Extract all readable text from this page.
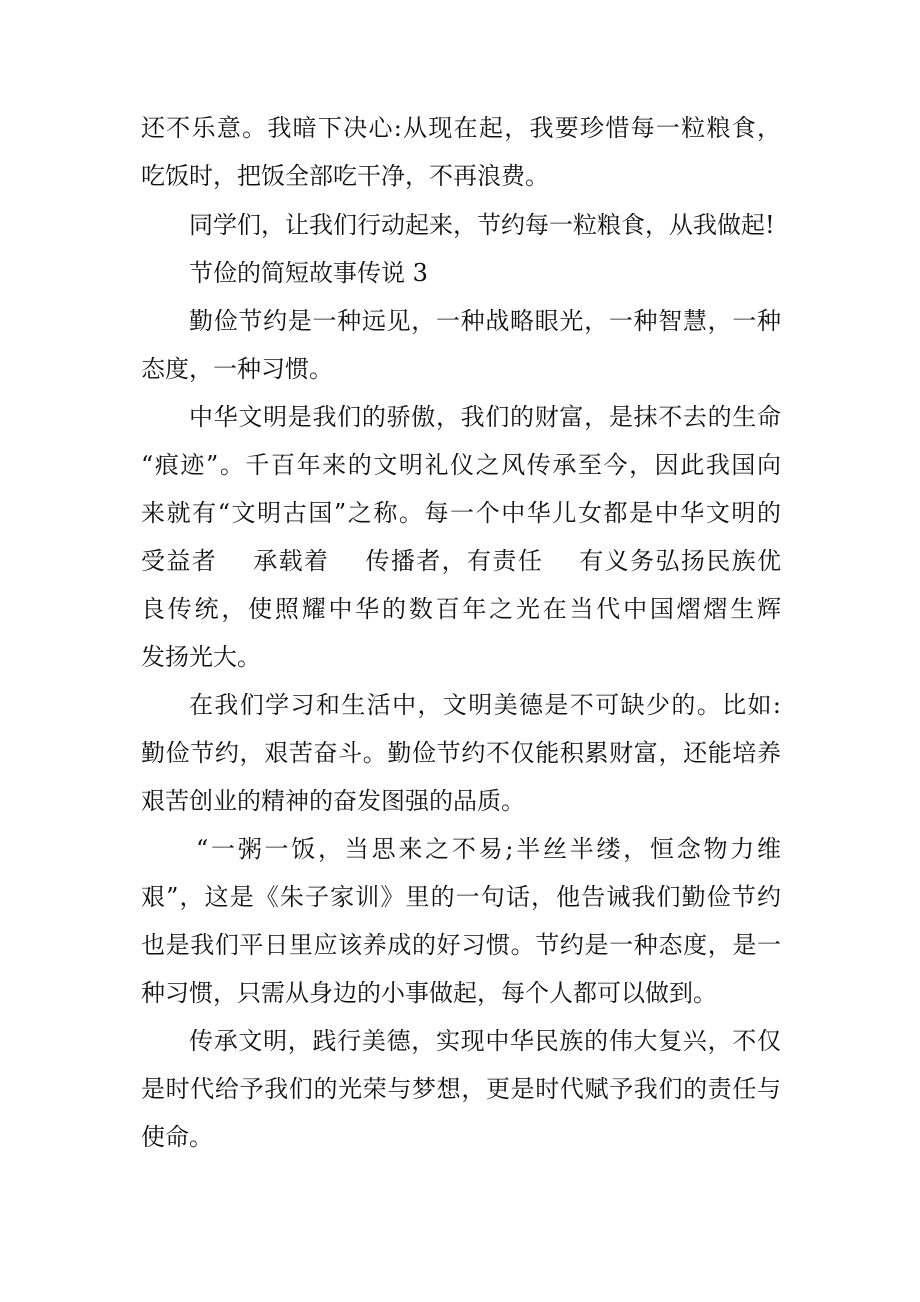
还不乐意。我暗下决心:从现在起，我要珍惜每一粒粮食，
吃饭时，把饭全部吃干净，不再浪费。
同学们，让我们行动起来，节约每一粒粮食，从我做起!
节俭的简短故事传说 3
勤俭节约是一种远见，一种战略眼光，一种智慧，一种
态度，一种习惯。
中华文明是我们的骄傲，我们的财富，是抹不去的生命
“痕迹”。千百年来的文明礼仪之风传承至今，因此我国向
来就有“文明古国”之称。每一个中华儿女都是中华文明的
受益者    承载着    传播者，有责任    有义务弘扬民族优
良传统，使照耀中华的数百年之光在当代中国熠熠生辉
发扬光大。
在我们学习和生活中，文明美德是不可缺少的。比如:
勤俭节约，艰苦奋斗。勤俭节约不仅能积累财富，还能培养
艰苦创业的精神的奋发图强的品质。
“一粥一饭，当思来之不易;半丝半缕，恒念物力维
艰”，这是《朱子家训》里的一句话，他告诫我们勤俭节约
也是我们平日里应该养成的好习惯。节约是一种态度，是一
种习惯，只需从身边的小事做起，每个人都可以做到。
传承文明，践行美德，实现中华民族的伟大复兴，不仅
是时代给予我们的光荣与梦想，更是时代赋予我们的责任与
使命。
